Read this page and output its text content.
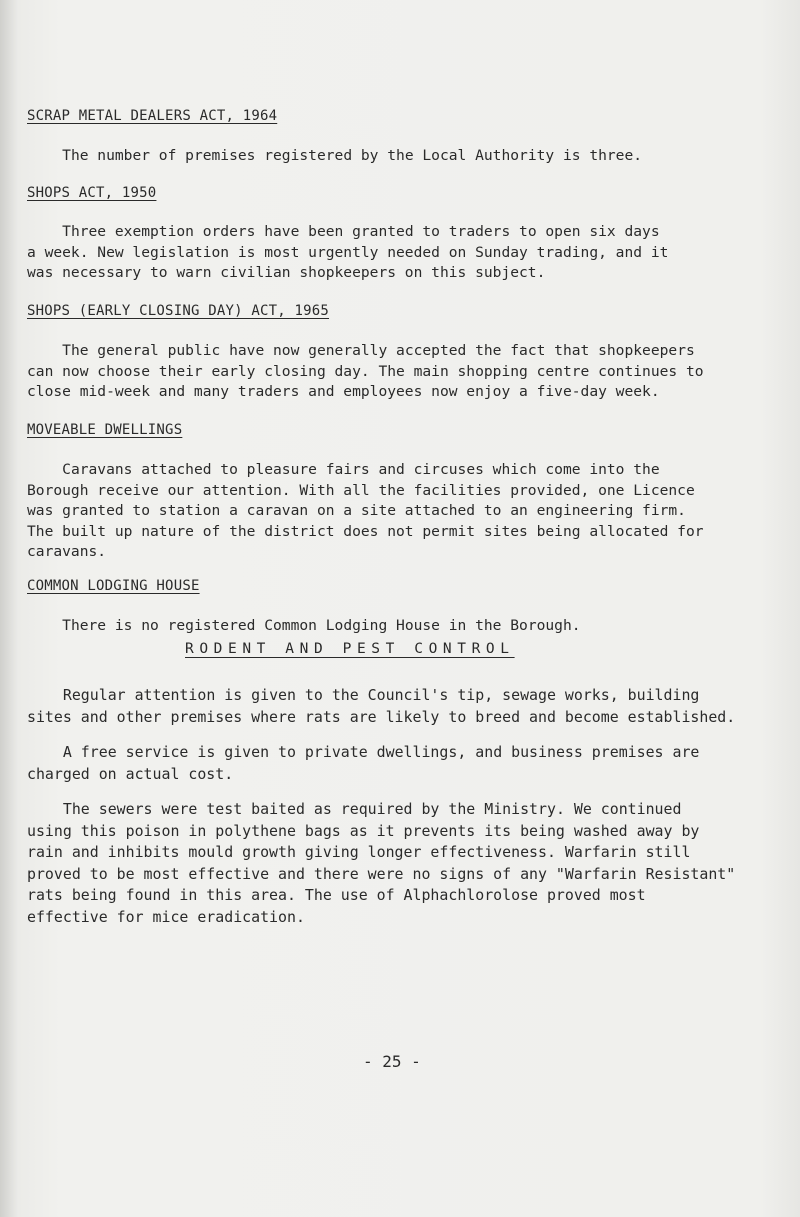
SCRAP METAL DEALERS ACT, 1964

The number of premises registered by the Local Authority is three.

SHOPS ACT, 1950

Three exemption orders have been granted to traders to open six days
a week. New legislation is most urgently needed on Sunday trading, and it
was necessary to warn civilian shopkeepers on this subject.

SHOPS (EARLY CLOSING DAY) ACT, 1965

The general public have now generally accepted the fact that shopkeepers
can now choose their early closing day. The main shopping centre continues to
close mid-week and many traders and employees now enjoy a five-day week.

MOVEABLE DWELLINGS

Caravans attached to pleasure fairs and circuses which come into the
Borough receive our attention. With all the facilities provided, one Licence
was granted to station a caravan on a site attached to an engineering firm.
The built up nature of the district does not permit sites being allocated for
caravans.

COMMON LODGING HOUSE

There is no registered Common Lodging House in the Borough.

RODENT AND PEST CONTROL

Regular attention is given to the Council's tip, sewage works, building
sites and other premises where rats are likely to breed and become established.

A free service is given to private dwellings, and business premises are
charged on actual cost.

The sewers were test baited as required by the Ministry. We continued
using this poison in polythene bags as it prevents its being washed away by
rain and inhibits mould growth giving longer effectiveness. Warfarin still
proved to be most effective and there were no signs of any "Warfarin Resistant"
rats being found in this area. The use of Alphachlorolose proved most
effective for mice eradication.

- 25 -
